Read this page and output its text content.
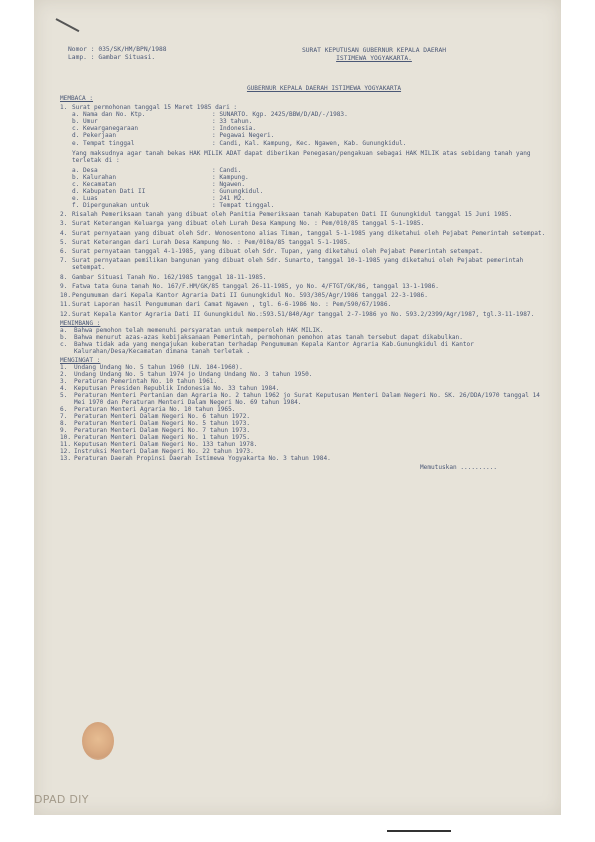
Nomor : 035/SK/HM/BPN/1988
Lamp. : Gambar Situasi.
SURAT KEPUTUSAN GUBERNUR KEPALA DAERAH
ISTIMEWA YOGYAKARTA.
GUBERNUR KEPALA DAERAH ISTIMEWA YOGYAKARTA
MEMBACA :
1. Surat permohonan tanggal 15 Maret 1985 dari :
a. Nama dan No. Ktp.	: SUNARTO. Kgp. 2425/BBW/D/AD/-/1983.
b. Umur	: 33 tahun.
c. Kewarganegaraan	: Indonesia.
d. Pekerjaan	: Pegawai Negeri.
e. Tempat tinggal	: Candi, Kal. Kampung, Kec. Ngawen, Kab. Gunungkidul.
Yang maksudnya agar tanah bekas HAK MILIK ADAT dapat diberikan Penegasan/pengakuan sebagai HAK MILIK atas sebidang tanah yang terletak di :
a. Desa	: Candi.
b. Kalurahan	: Kampung.
c. Kecamatan	: Ngawen.
d. Kabupaten Dati II	: Gunungkidul.
e. Luas	: 241 M2.
f. Dipergunakan untuk	: Tempat tinggal.
2. Risalah Pemeriksaan tanah yang dibuat oleh Panitia Pemeriksaan tanah Kabupaten Dati II Gunungkidul tanggal 15 Juni 1985.
3. Surat Keterangan Keluarga yang dibuat oleh Lurah Desa Kampung No. : Pem/010/85 tanggal 5-1-1985.
4. Surat pernyataan yang dibuat oleh Sdr. Wonosentono alias Timan, tanggal 5-1-1985 yang diketahui oleh Pejabat Pemerintah setempat.
5. Surat Keterangan dari Lurah Desa Kampung No. : Pem/010a/85 tanggal 5-1-1985.
6. Surat pernyataan tanggal 4-1-1985, yang dibuat oleh Sdr. Tupan, yang diketahui oleh Pejabat Pemerintah setempat.
7. Surat pernyataan pemilikan bangunan yang dibuat oleh Sdr. Sunarto, tanggal 10-1-1985 yang diketahui oleh Pejabat pemerintah setempat.
8. Gambar Situasi Tanah No. 162/1985 tanggal 18-11-1985.
9. Fatwa tata Guna tanah No. 167/F.HM/GK/85 tanggal 26-11-1985, yo No. 4/FTGT/GK/86, tanggal 13-1-1986.
10. Pengumuman dari Kepala Kantor Agraria Dati II Gunungkidul No. 593/305/Agr/1986 tanggal 22-3-1986.
11. Surat Laporan hasil Pengumuman dari Camat Ngawen , tgl. 6-6-1986 No. : Pem/590/67/1986.
12. Surat Kepala Kantor Agraria Dati II Gunungkidul No.:593.51/840/Agr tanggal 2-7-1986 yo No. 593.2/2399/Agr/1987, tgl.3-11-1987.
MENIMBANG :
a.	Bahwa pemohon telah memenuhi persyaratan untuk memperoleh HAK MILIK.
b.	Bahwa menurut azas-azas kebijaksanaan Pemerintah, permohonan pemohon atas tanah tersebut dapat dikabulkan.
c.	Bahwa tidak ada yang mengajukan keberatan terhadap Pengumuman Kepala Kantor Agraria Kab.Gunungkidul di Kantor Kalurahan/Desa/Kecamatan dimana tanah terletak .
MENGINGAT :
1.	Undang Undang No. 5 tahun 1960 (LN. 104-1960).
2.	Undang Undang No. 5 tahun 1974 jo Undang Undang No. 3 tahun 1950.
3.	Peraturan Pemerintah No. 10 tahun 1961.
4.	Keputusan Presiden Republik Indonesia No. 33 tahun 1984.
5.	Peraturan Menteri Pertanian dan Agraria No. 2 tahun 1962 jo Surat Keputusan Menteri Dalam Negeri No. SK. 26/DDA/1970 tanggal 14 Mei 1970 dan Peraturan Menteri Dalam Negeri No. 69 tahun 1984.
6.	Peraturan Menteri Agraria No. 10 tahun 1965.
7.	Peraturan Menteri Dalam Negeri No. 6 tahun 1972.
8.	Peraturan Menteri Dalam Negeri No. 5 tahun 1973.
9.	Peraturan Menteri Dalam Negeri No. 7 tahun 1973.
10. Peraturan Menteri Dalam Negeri No. 1 tahun 1975.
11. Keputusan Menteri Dalam Negeri No. 133 tahun 1978.
12. Instruksi Menteri Dalam Negeri No. 22 tahun 1973.
13. Peraturan Daerah Propinsi Daerah Istimewa Yogyakarta No. 3 tahun 1984.
Memutuskan ..........
DPAD DIY
